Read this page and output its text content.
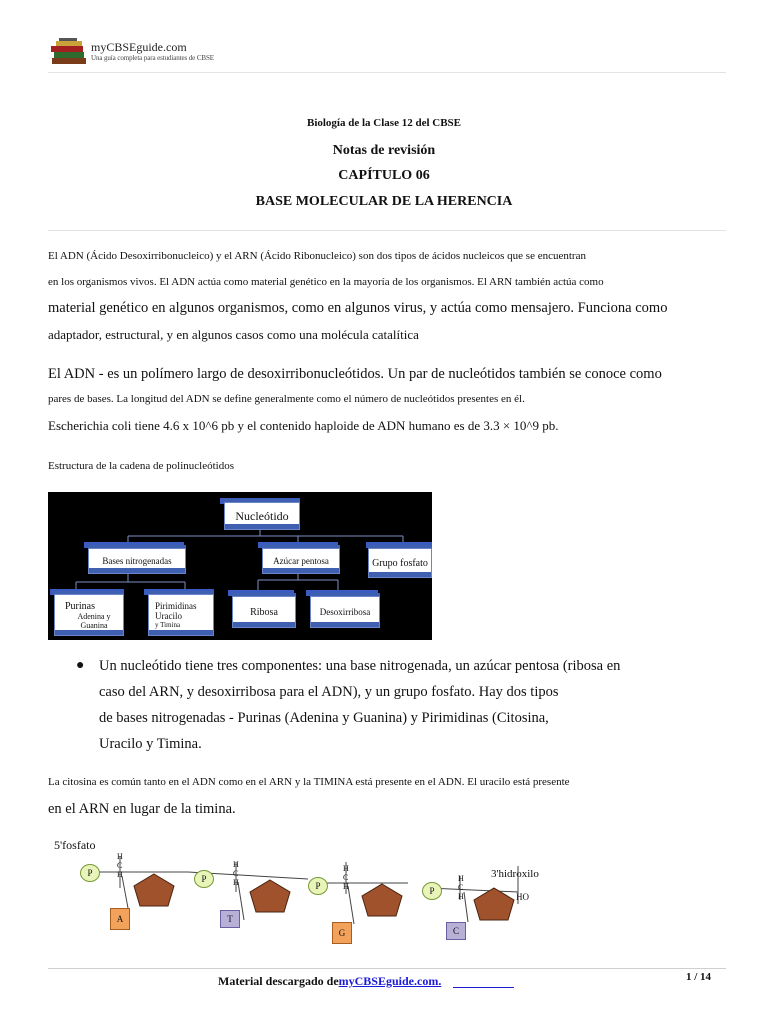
myCBSEguide.com
Una guía completa para estudiantes de CBSE
Biología de la Clase 12 del CBSE
Notas de revisión
CAPÍTULO 06
BASE MOLECULAR DE LA HERENCIA
El ADN (Ácido Desoxirribonucleico) y el ARN (Ácido Ribonucleico) son dos tipos de ácidos nucleicos que se encuentran
en los organismos vivos. El ADN actúa como material genético en la mayoría de los organismos. El ARN también actúa como
material genético en algunos organismos, como en algunos virus, y actúa como mensajero. Funciona como
adaptador, estructural, y en algunos casos como una molécula catalítica
El ADN - es un polímero largo de desoxirribonucleótidos. Un par de nucleótidos también se conoce como
pares de bases. La longitud del ADN se define generalmente como el número de nucleótidos presentes en él.
Escherichia coli tiene 4.6 x 10^6 pb y el contenido haploide de ADN humano es de 3.3 × 10^9 pb.
Estructura de la cadena de polinucleótidos
Nucleótido
Bases nitrogenadas	Azúcar pentosa	Grupo fosfato
Purinas
Adenina y Guanina
Pirimidinas
Uracilo
y Timina
Ribosa	Desoxirribosa
● Un nucleótido tiene tres componentes: una base nitrogenada, un azúcar pentosa (ribosa en
caso del ARN, y desoxirribosa para el ADN), y un grupo fosfato. Hay dos tipos
de bases nitrogenadas - Purinas (Adenina y Guanina) y Pirimidinas (Citosina,
Uracilo y Timina.
La citosina es común tanto en el ADN como en el ARN y la TIMINA está presente en el ADN. El uracilo está presente
en el ARN en lugar de la timina.
5'fosfato
3'hidroxilo
HO
P
P
P	P
H
C
H
H
C
H
H
C
H
H
C
H
A	T
G	C
Material descargado demyCBSEguide.com.	1 / 14
